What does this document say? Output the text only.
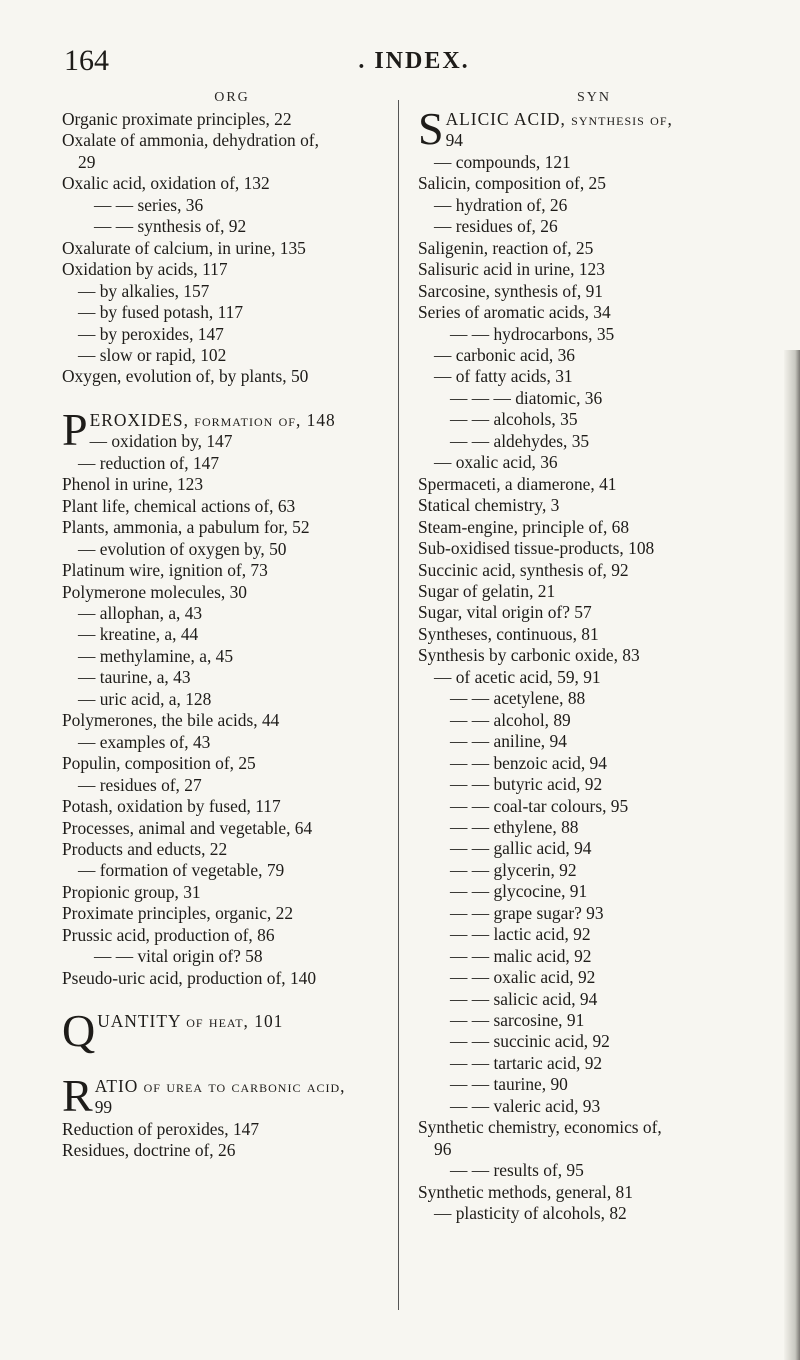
164	. INDEX.
ORG
Organic proximate principles, 22
Oxalate of ammonia, dehydration of,
29
Oxalic acid, oxidation of, 132
— — series, 36
— — synthesis of, 92
Oxalurate of calcium, in urine, 135
Oxidation by acids, 117
— by alkalies, 157
— by fused potash, 117
— by peroxides, 147
— slow or rapid, 102
Oxygen, evolution of, by plants, 50
P EROXIDES, formation of, 148
— oxidation by, 147
— reduction of, 147
Phenol in urine, 123
Plant life, chemical actions of, 63
Plants, ammonia, a pabulum for, 52
— evolution of oxygen by, 50
Platinum wire, ignition of, 73
Polymerone molecules, 30
— allophan, a, 43
— kreatine, a, 44
— methylamine, a, 45
— taurine, a, 43
— uric acid, a, 128
Polymerones, the bile acids, 44
— examples of, 43
Populin, composition of, 25
— residues of, 27
Potash, oxidation by fused, 117
Processes, animal and vegetable, 64
Products and educts, 22
— formation of vegetable, 79
Propionic group, 31
Proximate principles, organic, 22
Prussic acid, production of, 86
— — vital origin of? 58
Pseudo-uric acid, production of, 140
Q UANTITY of heat, 101

R ATIO of urea to carbonic acid,
99
Reduction of peroxides, 147
Residues, doctrine of, 26
SYN
S ALICIC ACID, synthesis of,
94
— compounds, 121
Salicin, composition of, 25
— hydration of, 26
— residues of, 26
Saligenin, reaction of, 25
Salisuric acid in urine, 123
Sarcosine, synthesis of, 91
Series of aromatic acids, 34
— — hydrocarbons, 35
— carbonic acid, 36
— of fatty acids, 31
— — — diatomic, 36
— — alcohols, 35
— — aldehydes, 35
— oxalic acid, 36
Spermaceti, a diamerone, 41
Statical chemistry, 3
Steam-engine, principle of, 68
Sub-oxidised tissue-products, 108
Succinic acid, synthesis of, 92
Sugar of gelatin, 21
Sugar, vital origin of? 57
Syntheses, continuous, 81
Synthesis by carbonic oxide, 83
— of acetic acid, 59, 91
— — acetylene, 88
— — alcohol, 89
— — aniline, 94
— — benzoic acid, 94
— — butyric acid, 92
— — coal-tar colours, 95
— — ethylene, 88
— — gallic acid, 94
— — glycerin, 92
— — glycocine, 91
— — grape sugar? 93
— — lactic acid, 92
— — malic acid, 92
— — oxalic acid, 92
— — salicic acid, 94
— — sarcosine, 91
— — succinic acid, 92
— — tartaric acid, 92
— — taurine, 90
— — valeric acid, 93
Synthetic chemistry, economics of,
96
— — results of, 95
Synthetic methods, general, 81
— plasticity of alcohols, 82
